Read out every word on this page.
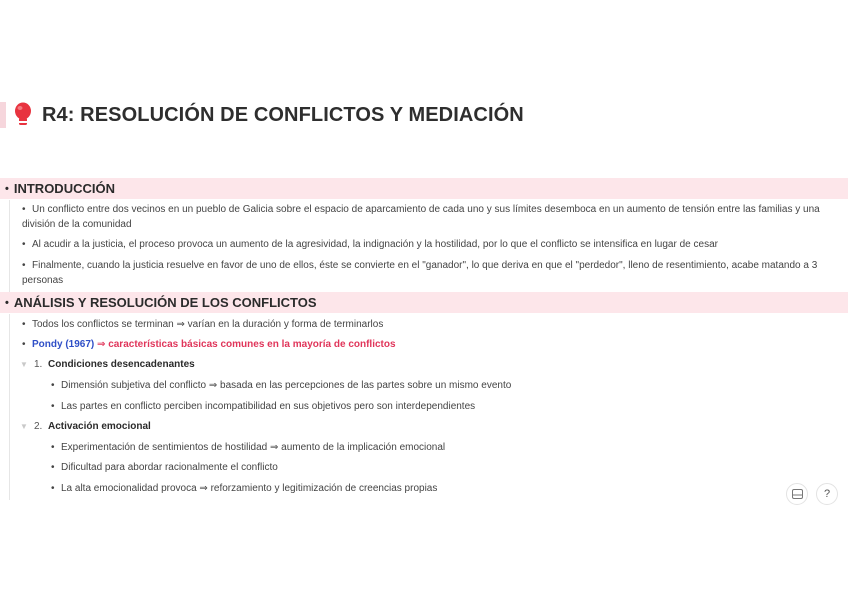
R4: RESOLUCIÓN DE CONFLICTOS Y MEDIACIÓN
• INTRODUCCIÓN
• Un conflicto entre dos vecinos en un pueblo de Galicia sobre el espacio de aparcamiento de cada uno y sus límites desemboca en un aumento de tensión entre las familias y una división de la comunidad
• Al acudir a la justicia, el proceso provoca un aumento de la agresividad, la indignación y la hostilidad, por lo que el conflicto se intensifica en lugar de cesar
• Finalmente, cuando la justicia resuelve en favor de uno de ellos, éste se convierte en el "ganador", lo que deriva en que el "perdedor", lleno de resentimiento, acabe matando a 3 personas
• ANÁLISIS Y RESOLUCIÓN DE LOS CONFLICTOS
• Todos los conflictos se terminan ⇒ varían en la duración y forma de terminarlos
• Pondy (1967) ⇒ características básicas comunes en la mayoría de conflictos
▼ 1. Condiciones desencadenantes
• Dimensión subjetiva del conflicto ⇒ basada en las percepciones de las partes sobre un mismo evento
• Las partes en conflicto perciben incompatibilidad en sus objetivos pero son interdependientes
▼ 2. Activación emocional
• Experimentación de sentimientos de hostilidad ⇒ aumento de la implicación emocional
• Dificultad para abordar racionalmente el conflicto
• La alta emocionalidad provoca ⇒ reforzamiento y legitimización de creencias propias	?
